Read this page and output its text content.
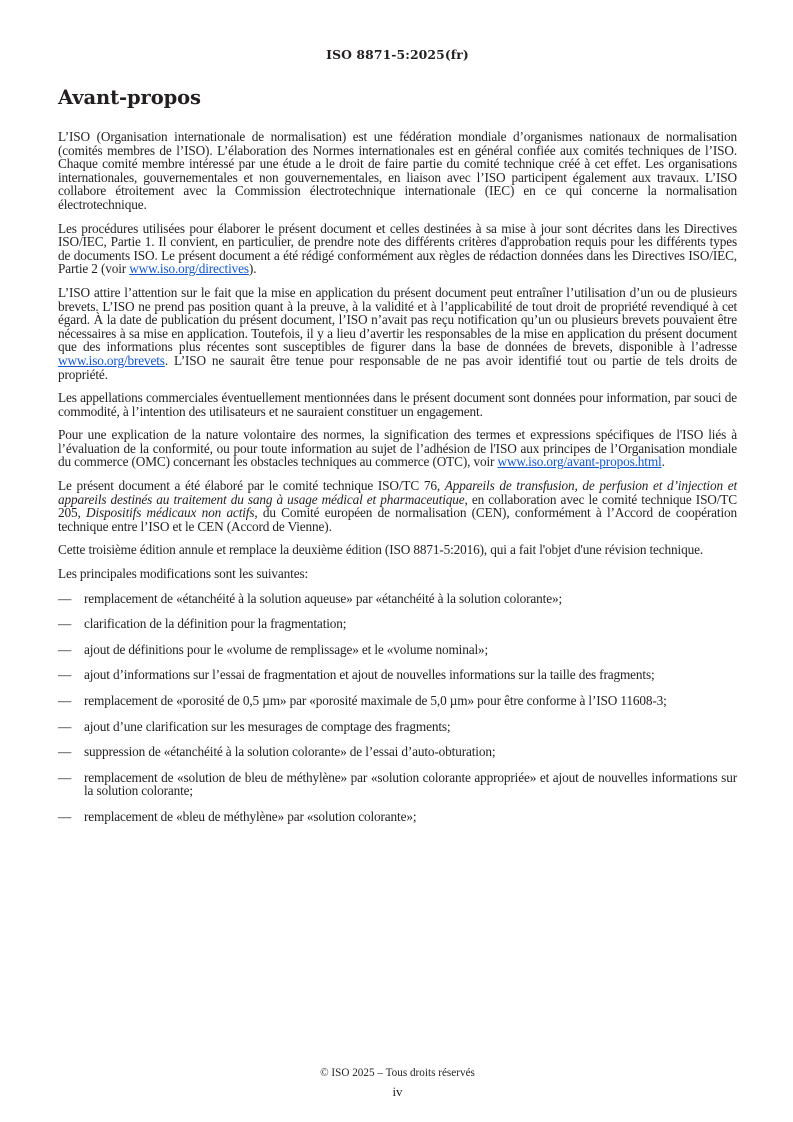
ISO 8871-5:2025(fr)
Avant-propos

L’ISO (Organisation internationale de normalisation) est une fédération mondiale d’organismes nationaux de normalisation (comités membres de l’ISO). L’élaboration des Normes internationales est en général confiée aux comités techniques de l’ISO. Chaque comité membre intéressé par une étude a le droit de faire partie du comité technique créé à cet effet. Les organisations internationales, gouvernementales et non gouvernementales, en liaison avec l’ISO participent également aux travaux. L’ISO collabore étroitement avec la Commission électrotechnique internationale (IEC) en ce qui concerne la normalisation électrotechnique.

Les procédures utilisées pour élaborer le présent document et celles destinées à sa mise à jour sont décrites dans les Directives ISO/IEC, Partie 1. Il convient, en particulier, de prendre note des différents critères d'approbation requis pour les différents types de documents ISO. Le présent document a été rédigé conformément aux règles de rédaction données dans les Directives ISO/IEC, Partie 2 (voir www.iso.org/directives).

L’ISO attire l’attention sur le fait que la mise en application du présent document peut entraîner l’utilisation d’un ou de plusieurs brevets. L’ISO ne prend pas position quant à la preuve, à la validité et à l’applicabilité de tout droit de propriété revendiqué à cet égard. À la date de publication du présent document, l’ISO n’avait pas reçu notification qu’un ou plusieurs brevets pouvaient être nécessaires à sa mise en application. Toutefois, il y a lieu d’avertir les responsables de la mise en application du présent document que des informations plus récentes sont susceptibles de figurer dans la base de données de brevets, disponible à l’adresse www.iso.org/brevets. L’ISO ne saurait être tenue pour responsable de ne pas avoir identifié tout ou partie de tels droits de propriété.

Les appellations commerciales éventuellement mentionnées dans le présent document sont données pour information, par souci de commodité, à l’intention des utilisateurs et ne sauraient constituer un engagement.

Pour une explication de la nature volontaire des normes, la signification des termes et expressions spécifiques de l'ISO liés à l’évaluation de la conformité, ou pour toute information au sujet de l’adhésion de l'ISO aux principes de l’Organisation mondiale du commerce (OMC) concernant les obstacles techniques au commerce (OTC), voir www.iso.org/avant-propos.html.

Le présent document a été élaboré par le comité technique ISO/TC 76, Appareils de transfusion, de perfusion et d’injection et appareils destinés au traitement du sang à usage médical et pharmaceutique, en collaboration avec le comité technique ISO/TC 205, Dispositifs médicaux non actifs, du Comité européen de normalisation (CEN), conformément à l’Accord de coopération technique entre l’ISO et le CEN (Accord de Vienne).

Cette troisième édition annule et remplace la deuxième édition (ISO 8871-5:2016), qui a fait l'objet d'une révision technique.

Les principales modifications sont les suivantes:

— remplacement de «étanchéité à la solution aqueuse» par «étanchéité à la solution colorante»;
— clarification de la définition pour la fragmentation;
— ajout de définitions pour le «volume de remplissage» et le «volume nominal»;
— ajout d’informations sur l’essai de fragmentation et ajout de nouvelles informations sur la taille des fragments;
— remplacement de «porosité de 0,5 µm» par «porosité maximale de 5,0 µm» pour être conforme à l’ISO 11608-3;
— ajout d’une clarification sur les mesurages de comptage des fragments;
— suppression de «étanchéité à la solution colorante» de l’essai d’auto-obturation;
— remplacement de «solution de bleu de méthylène» par «solution colorante appropriée» et ajout de nouvelles informations sur la solution colorante;
— remplacement de «bleu de méthylène» par «solution colorante»;
© ISO 2025 – Tous droits réservés
iv
